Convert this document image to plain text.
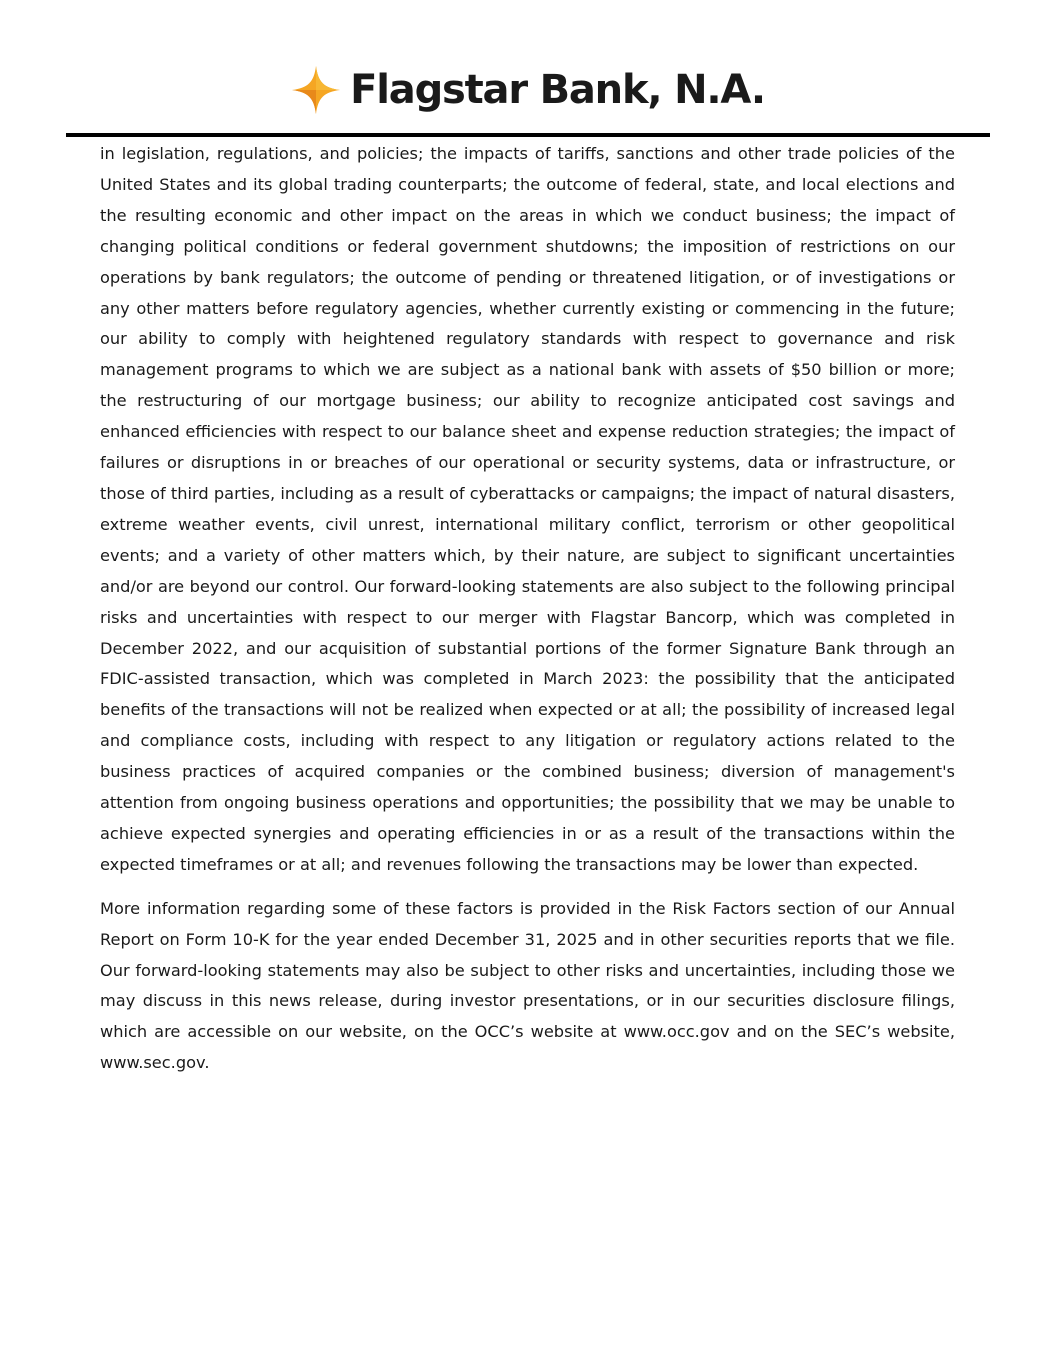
Flagstar Bank, N.A.

in legislation, regulations, and policies; the impacts of tariffs, sanctions and other trade policies of the United States and its global trading counterparts; the outcome of federal, state, and local elections and the resulting economic and other impact on the areas in which we conduct business; the impact of changing political conditions or federal government shutdowns; the imposition of restrictions on our operations by bank regulators; the outcome of pending or threatened litigation, or of investigations or any other matters before regulatory agencies, whether currently existing or commencing in the future; our ability to comply with heightened regulatory standards with respect to governance and risk management programs to which we are subject as a national bank with assets of $50 billion or more; the restructuring of our mortgage business; our ability to recognize anticipated cost savings and enhanced efficiencies with respect to our balance sheet and expense reduction strategies; the impact of failures or disruptions in or breaches of our operational or security systems, data or infrastructure, or those of third parties, including as a result of cyberattacks or campaigns; the impact of natural disasters, extreme weather events, civil unrest, international military conflict, terrorism or other geopolitical events; and a variety of other matters which, by their nature, are subject to significant uncertainties and/or are beyond our control. Our forward-looking statements are also subject to the following principal risks and uncertainties with respect to our merger with Flagstar Bancorp, which was completed in December 2022, and our acquisition of substantial portions of the former Signature Bank through an FDIC-assisted transaction, which was completed in March 2023: the possibility that the anticipated benefits of the transactions will not be realized when expected or at all; the possibility of increased legal and compliance costs, including with respect to any litigation or regulatory actions related to the business practices of acquired companies or the combined business; diversion of management's attention from ongoing business operations and opportunities; the possibility that we may be unable to achieve expected synergies and operating efficiencies in or as a result of the transactions within the expected timeframes or at all; and revenues following the transactions may be lower than expected.

More information regarding some of these factors is provided in the Risk Factors section of our Annual Report on Form 10-K for the year ended December 31, 2025 and in other securities reports that we file. Our forward-looking statements may also be subject to other risks and uncertainties, including those we may discuss in this news release, during investor presentations, or in our securities disclosure filings, which are accessible on our website, on the OCC’s website at www.occ.gov and on the SEC’s website, www.sec.gov.
